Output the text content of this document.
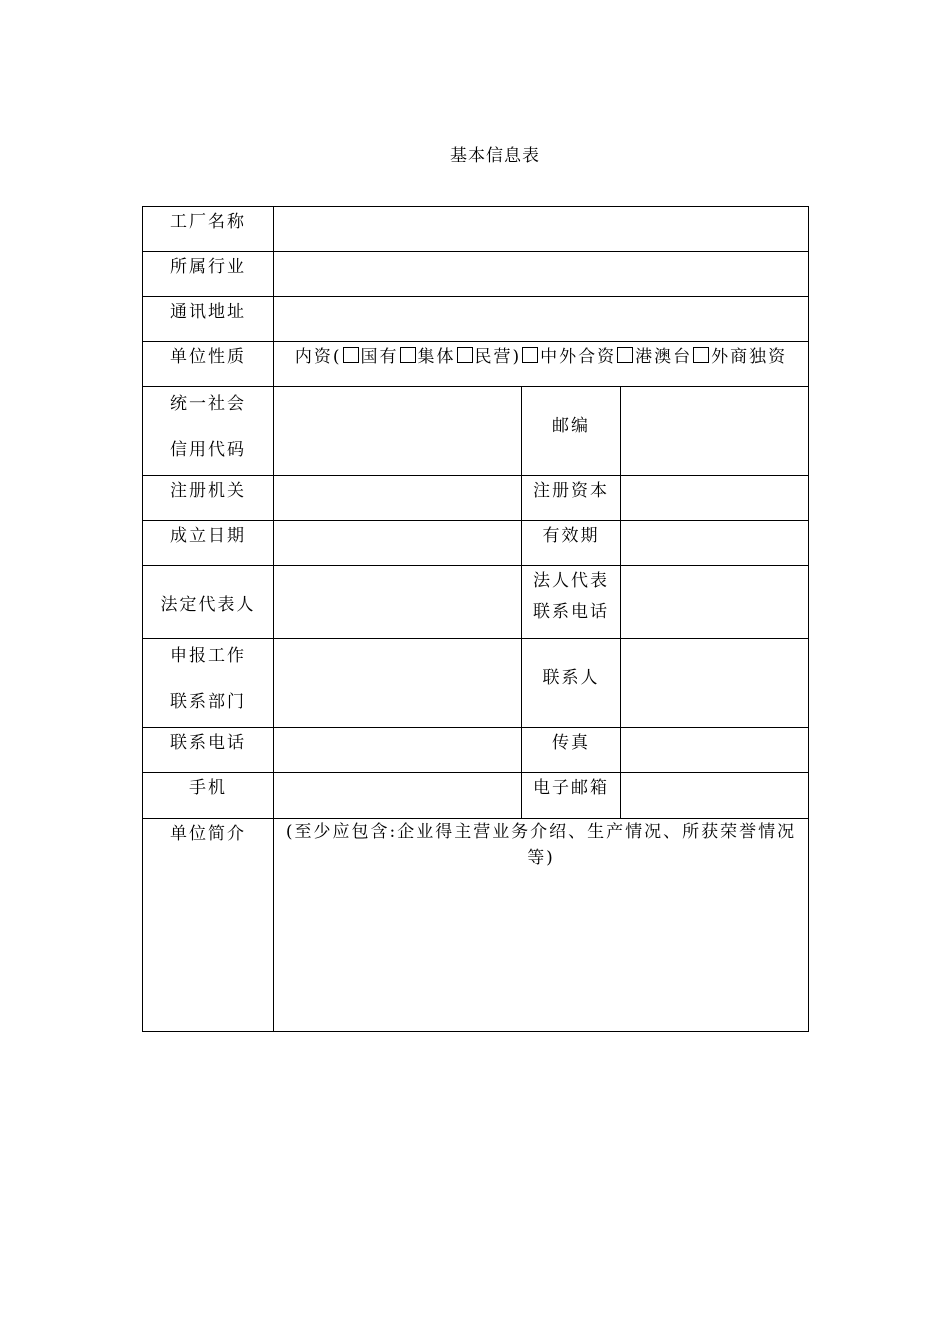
基本信息表
工厂名称			
所属行业			
通讯地址			
单位性质	内资( 国有 集体 民营) 中外合资 港澳台 外商独资		

统一社会
信用代码		邮编	
注册机关		注册资本	
成立日期		有效期	
法定代表人		法人代表
联系电话	

申报工作
联系部门		联系人	
联系电话		传真	
手机		电子邮箱	
单位简介	(至少应包含:企业得主营业务介绍、生产情况、所获荣誉情况等)		
